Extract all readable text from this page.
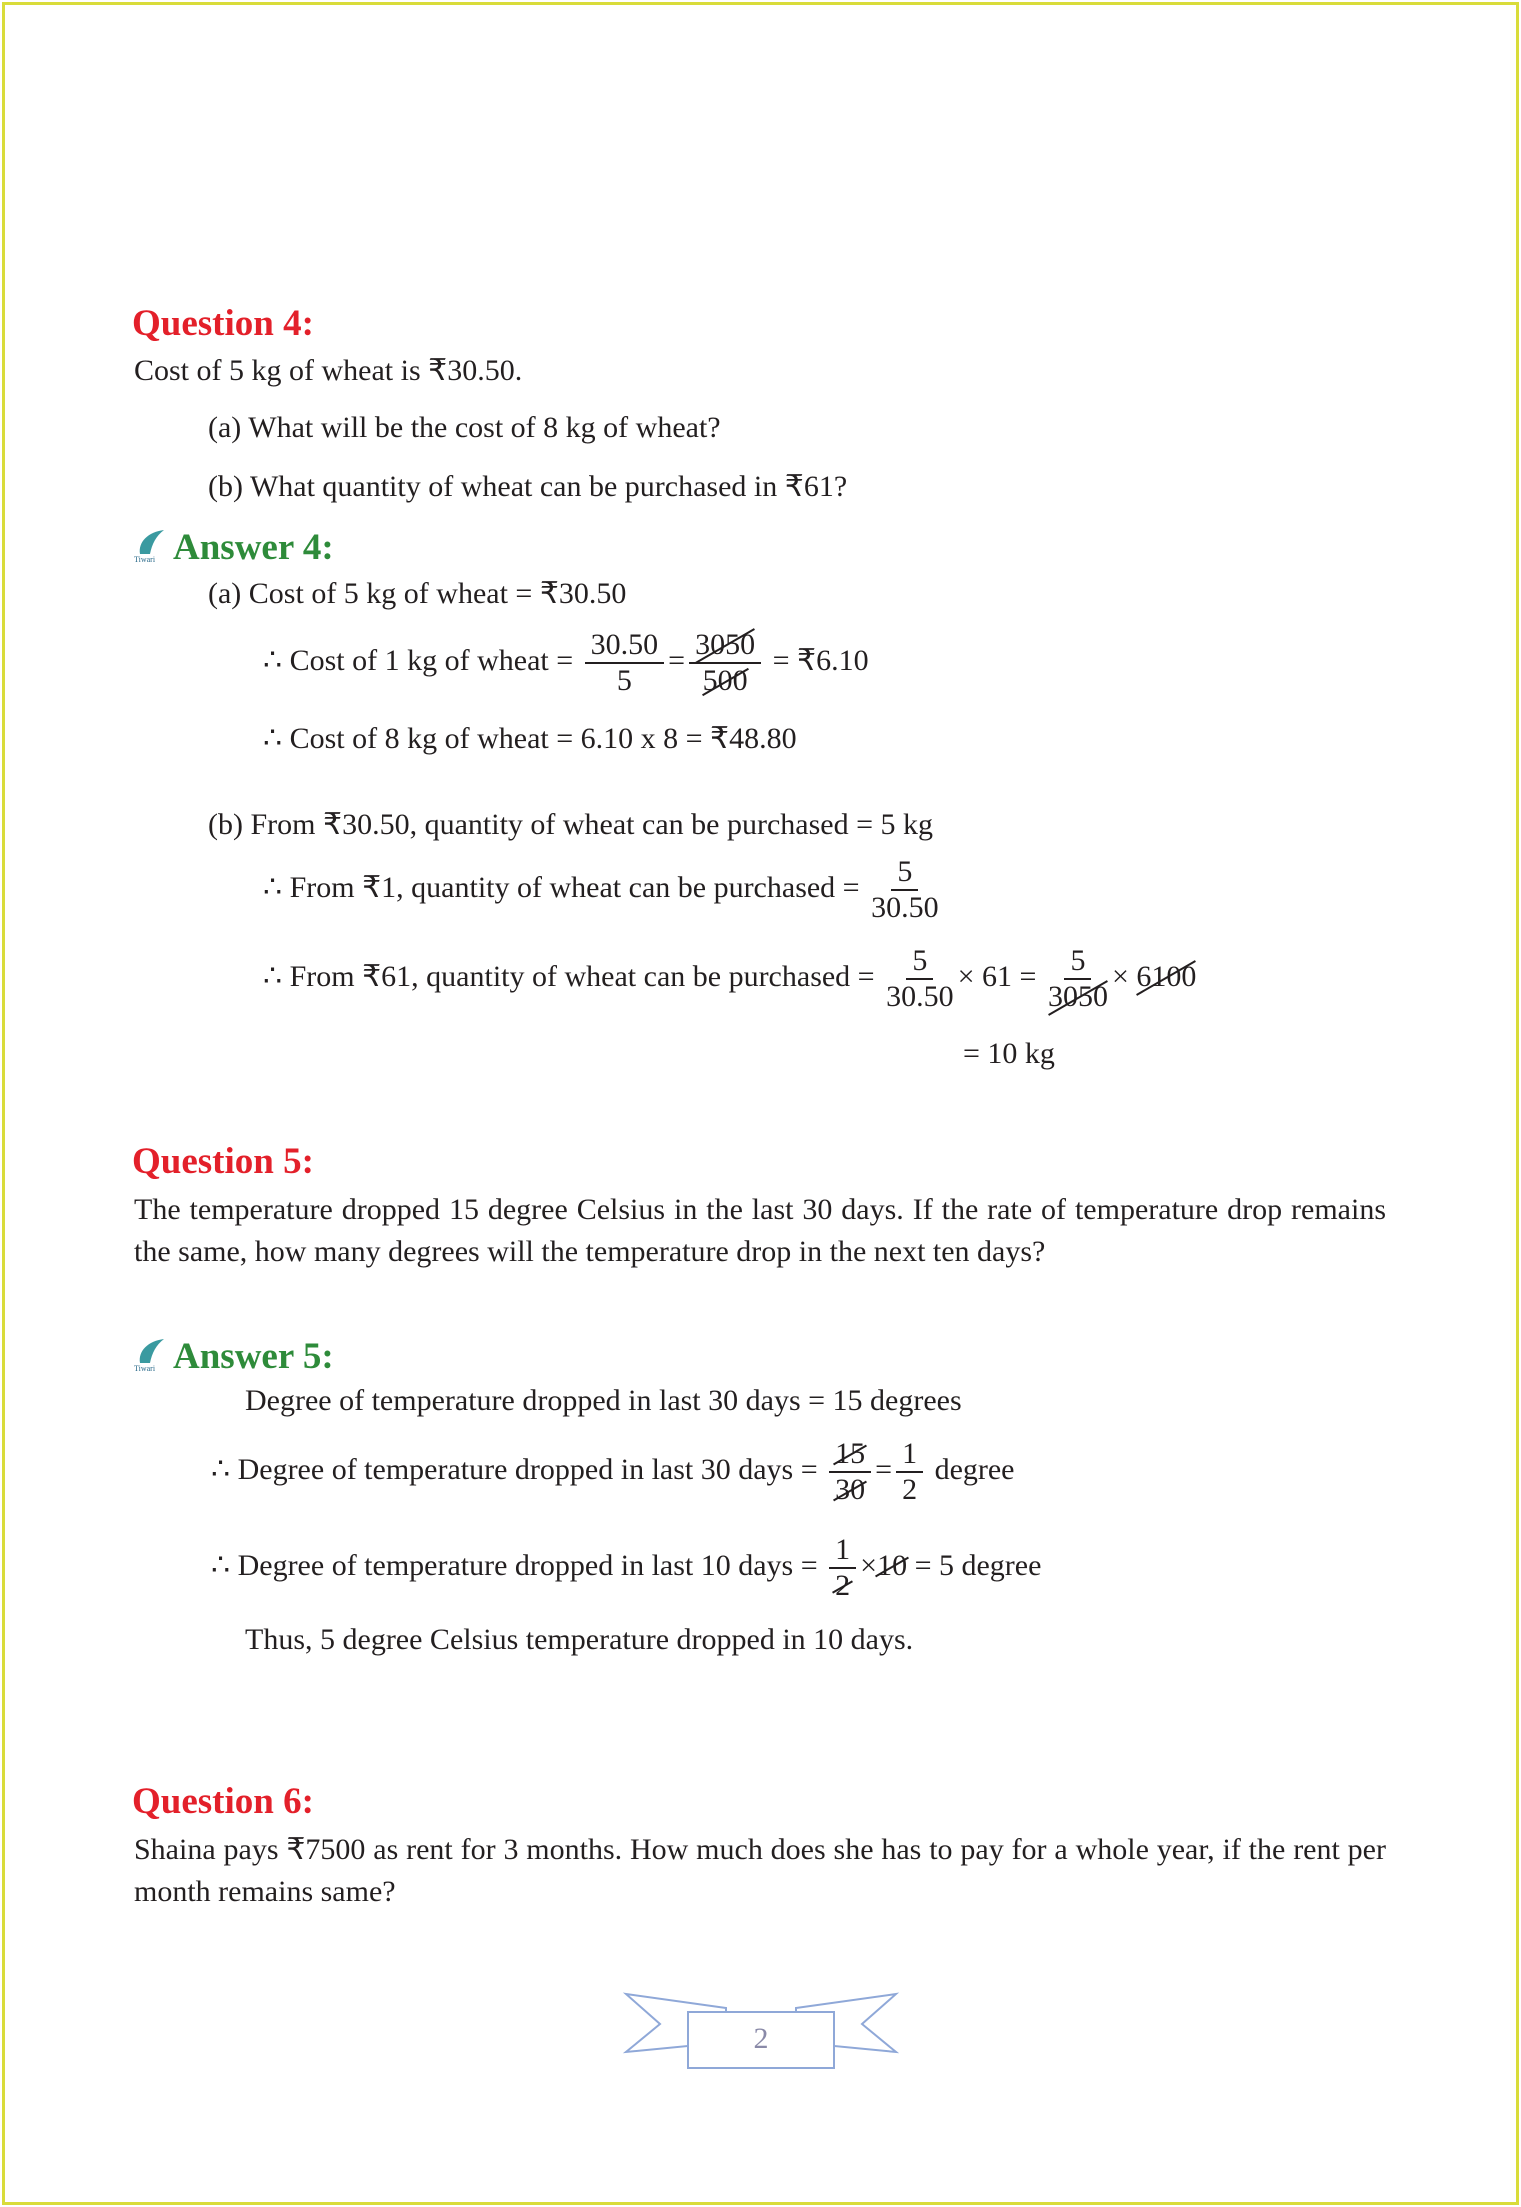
Question 4:
Cost of 5 kg of wheat is ₹30.50.
(a) What will be the cost of 8 kg of wheat?
(b) What quantity of wheat can be purchased in ₹61?
Tiwari Answer 4:
(a) Cost of 5 kg of wheat = ₹30.50
∴ Cost of 1 kg of wheat = $\frac{30.50}{5} = \frac{3050}{500}$ = ₹6.10
∴ Cost of 8 kg of wheat = 6.10 x 8 = ₹48.80
(b) From ₹30.50, quantity of wheat can be purchased = 5 kg
∴ From ₹1, quantity of wheat can be purchased = $\frac{5}{30.50}$
∴ From ₹61, quantity of wheat can be purchased = $\frac{5}{30.50} \times 61 = \frac{5}{3050} \times 6100$
= 10 kg
Question 5:
The temperature dropped 15 degree Celsius in the last 30 days. If the rate of temperature drop remains the same, how many degrees will the temperature drop in the next ten days?
Tiwari Answer 5:
Degree of temperature dropped in last 30 days = 15 degrees
∴ Degree of temperature dropped in last 30 days = $\frac{15}{30} = \frac{1}{2}$ degree
∴ Degree of temperature dropped in last 10 days = $\frac{1}{2} \times 10 = 5$ degree
Thus, 5 degree Celsius temperature dropped in 10 days.
Question 6:
Shaina pays ₹7500 as rent for 3 months. How much does she has to pay for a whole year, if the rent per month remains same?
2
